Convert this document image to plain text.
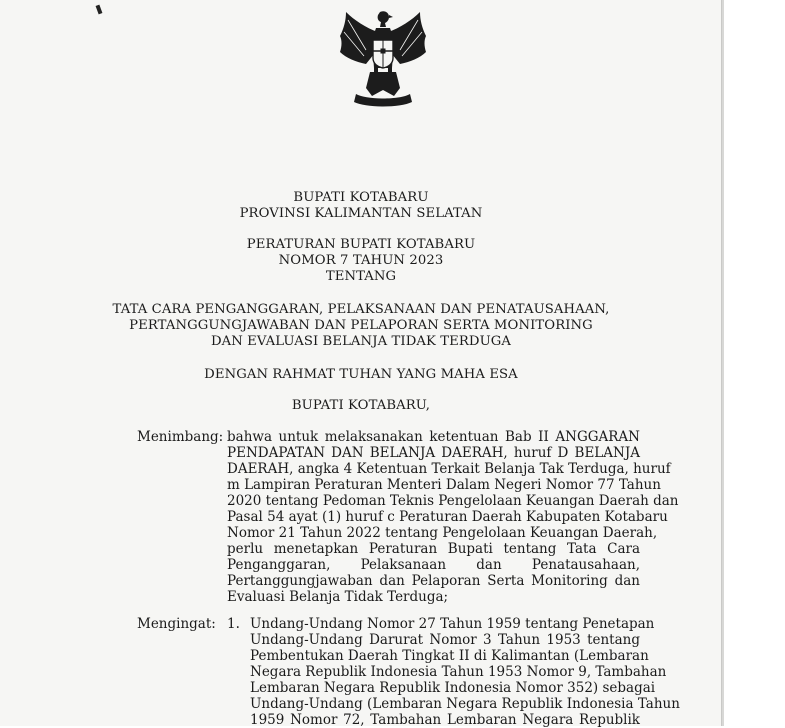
BUPATI KOTABARU
PROVINSI KALIMANTAN SELATAN
PERATURAN BUPATI KOTABARU
NOMOR 7 TAHUN 2023
TENTANG
TATA CARA PENGANGGARAN, PELAKSANAAN DAN PENATAUSAHAAN,
PERTANGGUNGJAWABAN DAN PELAPORAN SERTA MONITORING
DAN EVALUASI BELANJA TIDAK TERDUGA
DENGAN RAHMAT TUHAN YANG MAHA ESA
BUPATI KOTABARU,
Menimbang: bahwa untuk melaksanakan ketentuan Bab II ANGGARAN
PENDAPATAN DAN BELANJA DAERAH, huruf D BELANJA
DAERAH, angka 4 Ketentuan Terkait Belanja Tak Terduga, huruf
m Lampiran Peraturan Menteri Dalam Negeri Nomor 77 Tahun
2020 tentang Pedoman Teknis Pengelolaan Keuangan Daerah dan
Pasal 54 ayat (1) huruf c Peraturan Daerah Kabupaten Kotabaru
Nomor 21 Tahun 2022 tentang Pengelolaan Keuangan Daerah,
perlu menetapkan Peraturan Bupati tentang Tata Cara
Penganggaran, Pelaksanaan dan Penatausahaan,
Pertanggungjawaban dan Pelaporan Serta Monitoring dan
Evaluasi Belanja Tidak Terduga;
Mengingat: 1. Undang-Undang Nomor 27 Tahun 1959 tentang Penetapan
Undang-Undang Darurat Nomor 3 Tahun 1953 tentang
Pembentukan Daerah Tingkat II di Kalimantan (Lembaran
Negara Republik Indonesia Tahun 1953 Nomor 9, Tambahan
Lembaran Negara Republik Indonesia Nomor 352) sebagai
Undang-Undang (Lembaran Negara Republik Indonesia Tahun
1959 Nomor 72, Tambahan Lembaran Negara Republik
